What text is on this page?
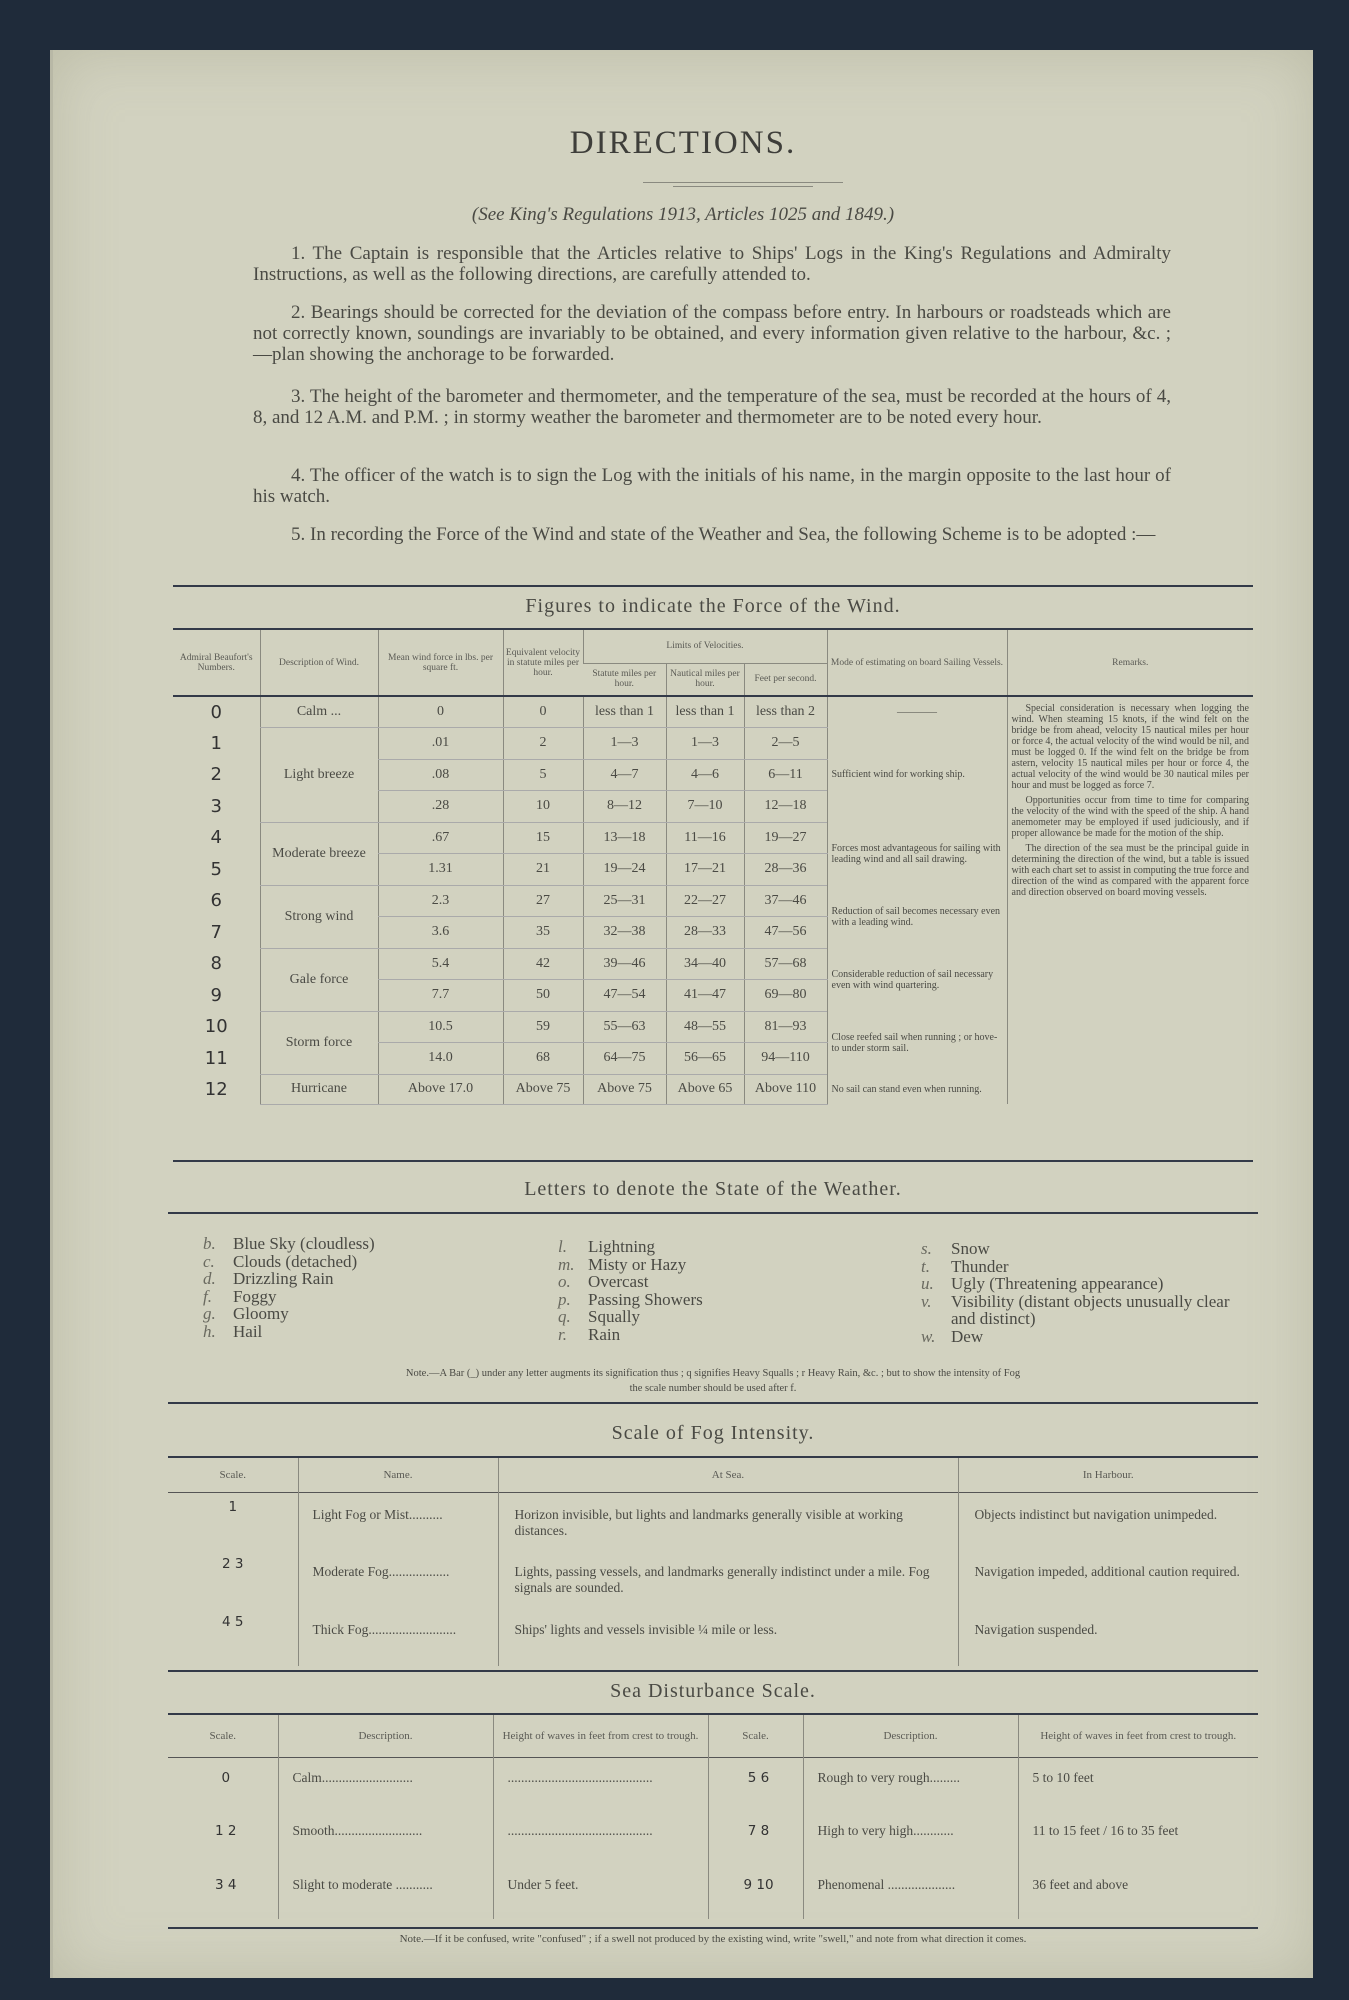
DIRECTIONS.
(See King's Regulations 1913, Articles 1025 and 1849.)
1. The Captain is responsible that the Articles relative to Ships' Logs in the King's Regulations and Admiralty Instructions, as well as the following directions, are carefully attended to.
2. Bearings should be corrected for the deviation of the compass before entry. In harbours or roadsteads which are not correctly known, soundings are invariably to be obtained, and every information given relative to the harbour, &c. ;—plan showing the anchorage to be forwarded.
3. The height of the barometer and thermometer, and the temperature of the sea, must be recorded at the hours of 4, 8, and 12 A.M. and P.M. ; in stormy weather the barometer and thermometer are to be noted every hour.
4. The officer of the watch is to sign the Log with the initials of his name, in the margin opposite to the last hour of his watch.
5. In recording the Force of the Wind and state of the Weather and Sea, the following Scheme is to be adopted :—
Figures to indicate the Force of the Wind.
Admiral Beaufort's Numbers.	Description of Wind.	Mean wind force in lbs. per square ft.	Equivalent velocity in statute miles per hour.	Limits of Velocities.			Mode of estimating on board Sailing Vessels.	Remarks.
				Statute miles per hour.	Nautical miles per hour.	Feet per second.		
0	Calm ...	0	0	less than 1	less than 1	less than 2	————	Special consideration is necessary when logging the wind. When steaming 15 knots, if the wind felt on the bridge be from ahead, velocity 15 nautical miles per hour or force 4, the actual velocity of the wind would be nil, and must be logged 0. If the wind felt on the bridge be from astern, velocity 15 nautical miles per hour or force 4, the actual velocity of the wind would be 30 nautical miles per hour and must be logged as force 7.
Opportunities occur from time to time for comparing the velocity of the wind with the speed of the ship. A hand anemometer may be employed if used judiciously, and if proper allowance be made for the motion of the ship.
The direction of the sea must be the principal guide in determining the direction of the wind, but a table is issued with each chart set to assist in computing the true force and direction of the wind as compared with the apparent force and direction observed on board moving vessels.

1	Light breeze	.01	2	1—3	1—3	2—5	Sufficient wind for working ship.	
2		.08	5	4—7	4—6	6—11		
3		.28	10	8—12	7—10	12—18		
4	Moderate breeze	.67	15	13—18	11—16	19—27	Forces most advantageous for sailing with leading wind and all sail drawing.	
5		1.31	21	19—24	17—21	28—36		
6	Strong wind	2.3	27	25—31	22—27	37—46	Reduction of sail becomes necessary even with a leading wind.	
7		3.6	35	32—38	28—33	47—56		
8	Gale force	5.4	42	39—46	34—40	57—68	Considerable reduction of sail necessary even with wind quartering.	
9		7.7	50	47—54	41—47	69—80		
10	Storm force	10.5	59	55—63	48—55	81—93	Close reefed sail when running ; or hove-to under storm sail.	
11		14.0	68	64—75	56—65	94—110		
12	Hurricane	Above 17.0	Above 75	Above 75	Above 65	Above 110	No sail can stand even when running.	
Letters to denote the State of the Weather.
b. Blue Sky (cloudless)
c. Clouds (detached)
d. Drizzling Rain
f. Foggy
g. Gloomy
h. Hail
l. Lightning
m. Misty or Hazy
o. Overcast
p. Passing Showers
q. Squally
r. Rain
s.	Snow
t.	Thunder
u.	Ugly (Threatening appearance)
v.	Visibility (distant objects unusually clear and distinct)
w. Dew
Note.—A Bar (_) under any letter augments its signification thus ; q signifies Heavy Squalls ; r Heavy Rain, &c. ; but to show the intensity of Fog
the scale number should be used after f.
Scale of Fog Intensity.
Scale.	Name.	At Sea.	In Harbour.
1	Light Fog or Mist..........	Horizon invisible, but lights and landmarks generally visible at working distances.	Objects indistinct but navigation unimpeded.
2 3	Moderate Fog..................	Lights, passing vessels, and landmarks generally indistinct under a mile. Fog signals are sounded.	Navigation impeded, additional caution required.
4 5	Thick Fog..........................	Ships' lights and vessels invisible ¼ mile or less.	Navigation suspended.
Sea Disturbance Scale.
Scale.	Description.	Height of waves in feet from crest to trough.	Scale.	Description.	Height of waves in feet from crest to trough.
0	Calm...........................	...........................................	5 6	Rough to very rough.........	5 to 10 feet
1 2	Smooth..........................	...........................................	7 8	High to very high............	11 to 15 feet / 16 to 35 feet
3 4	Slight to moderate ...........	Under 5 feet.	9 10	Phenomenal ....................	36 feet and above
Note.—If it be confused, write "confused" ; if a swell not produced by the existing wind, write "swell," and note from what direction it comes.
